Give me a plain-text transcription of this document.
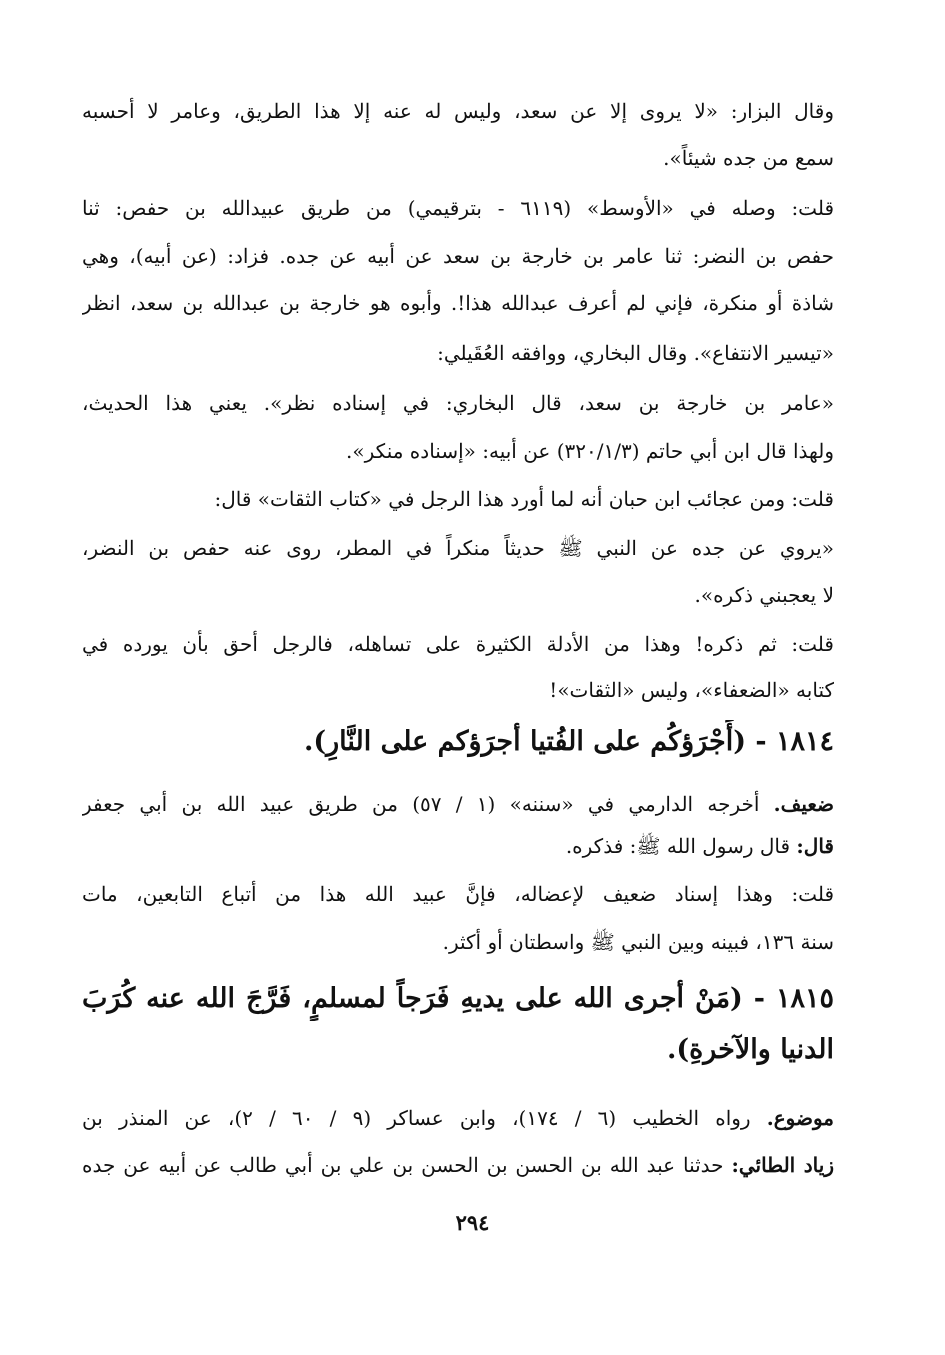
وقال البزار: «لا يروى إلا عن سعد، وليس له عنه إلا هذا الطريق، وعامر لا أحسبه
سمع من جده شيئاً».
قلت: وصله في «الأوسط» (٦١١٩ - بترقيمي) من طريق عبيدالله بن حفص: ثنا
حفص بن النضر: ثنا عامر بن خارجة بن سعد عن أبيه عن جده. فزاد: (عن أبيه)، وهي
شاذة أو منكرة، فإني لم أعرف عبدالله هذا!. وأبوه هو خارجة بن عبدالله بن سعد، انظر
«تيسير الانتفاع». وقال البخاري، ووافقه العُقَيلي:
«عامر بن خارجة بن سعد، قال البخاري: في إسناده نظر». يعني هذا الحديث،
ولهذا قال ابن أبي حاتم (٣٢٠/١/٣) عن أبيه: «إسناده منكر».
قلت: ومن عجائب ابن حبان أنه لما أورد هذا الرجل في «كتاب الثقات» قال:
«يروي عن جده عن النبي ﷺ حديثاً منكراً في المطر، روى عنه حفص بن النضر،
لا يعجبني ذكره».
قلت: ثم ذكره! وهذا من الأدلة الكثيرة على تساهله، فالرجل أحق بأن يورده في
كتابه «الضعفاء»، وليس «الثقات»!
١٨١٤ - (أَجْرَؤكُم على الفُتيا أجرَؤكم على النَّارِ).
ضعيف. أخرجه الدارمي في «سننه» (١ / ٥٧) من طريق عبيد الله بن أبي جعفر
قال: قال رسول الله ﷺ: فذكره.
قلت: وهذا إسناد ضعيف لإعضاله، فإنَّ عبيد الله هذا من أتباع التابعين، مات
سنة ١٣٦، فبينه وبين النبي ﷺ واسطتان أو أكثر.
١٨١٥ - (مَنْ أجرى الله على يديهِ فَرَجاً لمسلمٍ، فَرَّجَ الله عنه كُرَبَ
الدنيا والآخرةِ).
موضوع. رواه الخطيب (٦ / ١٧٤)، وابن عساكر (٩ / ٦٠ / ٢)، عن المنذر بن
زياد الطائي: حدثنا عبد الله بن الحسن بن الحسن بن علي بن أبي طالب عن أبيه عن جده
٢٩٤
